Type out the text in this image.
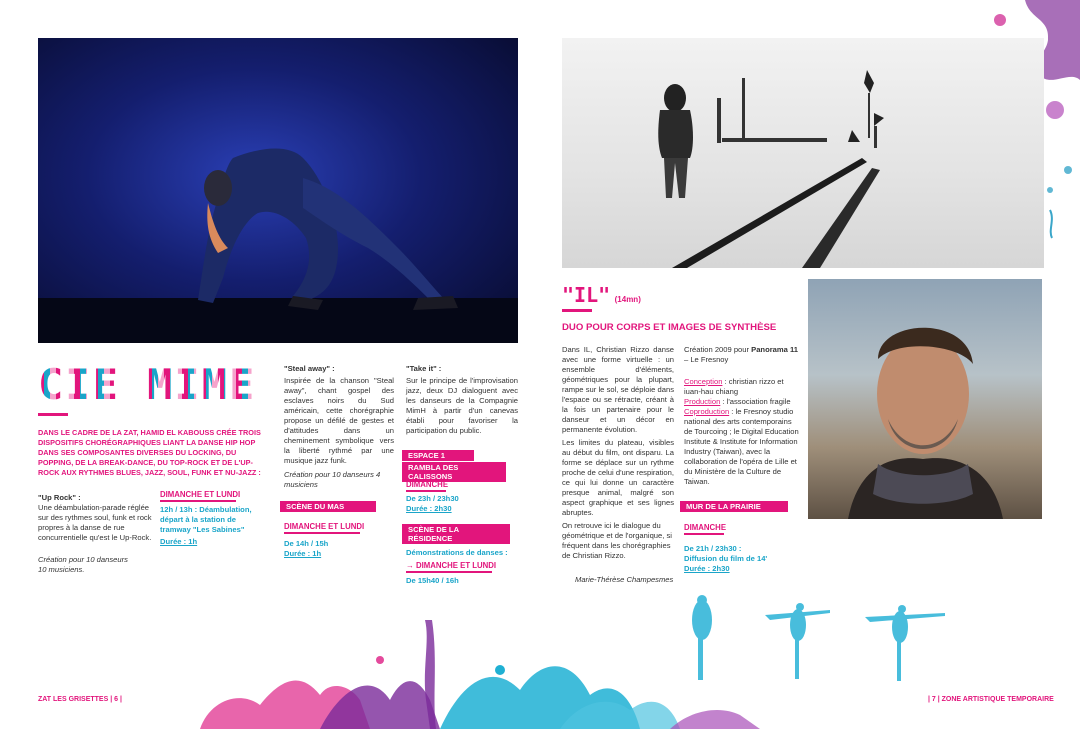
CIE MIME
DANS LE CADRE DE LA ZAT, HAMID EL KABOUSS CRÉE TROIS DISPOSITIFS CHORÉGRAPHIQUES LIANT LA DANSE HIP HOP DANS SES COMPOSANTES DIVERSES DU LOCKING, DU POPPING, DE LA BREAK-DANCE, DU TOP-ROCK ET DE L'UP-ROCK AUX RYTHMES BLUES, JAZZ, SOUL, FUNK ET NU-JAZZ :
"Up Rock" :
Une déambulation-parade réglée sur des rythmes soul, funk et rock propres à la danse de rue concurrentielle qu'est le Up-Rock.
Création pour 10 danseurs 10 musiciens.
DIMANCHE ET LUNDI
12h / 13h : Déambulation, départ à la station de tramway "Les Sabines"
Durée : 1h
"Steal away" :
Inspirée de la chanson "Steal away", chant gospel des esclaves noirs du Sud américain, cette chorégraphie propose un défilé de gestes et d'attitudes dans un cheminement symbolique vers la liberté rythmé par une musique jazz funk.
Création pour 10 danseurs 4 musiciens
SCÈNE DU MAS
DIMANCHE ET LUNDI
De 14h / 15h
Durée : 1h
"Take it" :
Sur le principe de l'improvisation jazz, deux DJ dialoguent avec les danseurs de la Compagnie MimH à partir d'un canevas établi pour favoriser la participation du public.
ESPACE 1
RAMBLA DES CALISSONS
DIMANCHE
De 23h / 23h30
Durée : 2h30
SCÈNE DE LA RÉSIDENCE
Démonstrations de danses :
→ DIMANCHE ET LUNDI
De 15h40 / 16h
"IL" (14mn)
DUO POUR CORPS ET IMAGES DE SYNTHÈSE
Dans IL, Christian Rizzo danse avec une forme virtuelle : un ensemble d'éléments, géométriques pour la plupart, rampe sur le sol, se déploie dans l'espace ou se rétracte, créant à la fois un partenaire pour le danseur et un décor en permanente évolution.
Les limites du plateau, visibles au début du film, ont disparu. La forme se déplace sur un rythme proche de celui d'une respiration, ce qui lui donne un caractère presque animal, malgré son aspect graphique et ses lignes abruptes.
On retrouve ici le dialogue du géométrique et de l'organique, si fréquent dans les chorégraphies de Christian Rizzo.
Marie-Thérèse Champesmes
Création 2009 pour Panorama 11 – Le Fresnoy
Conception : christian rizzo et iuan-hau chiang
Production : l'association fragile
Coproduction : le Fresnoy studio national des arts contemporains de Tourcoing ; le Digital Education Institute & Institute for Information Industry (Taiwan), avec la collaboration de l'opéra de Lille et du Ministère de la Culture de Taiwan.
MUR DE LA PRAIRIE
DIMANCHE
De 21h / 23h30 :
Diffusion du film de 14'
Durée : 2h30
ZAT LES GRISETTES | 6 |	| 7 | ZONE ARTISTIQUE TEMPORAIRE
